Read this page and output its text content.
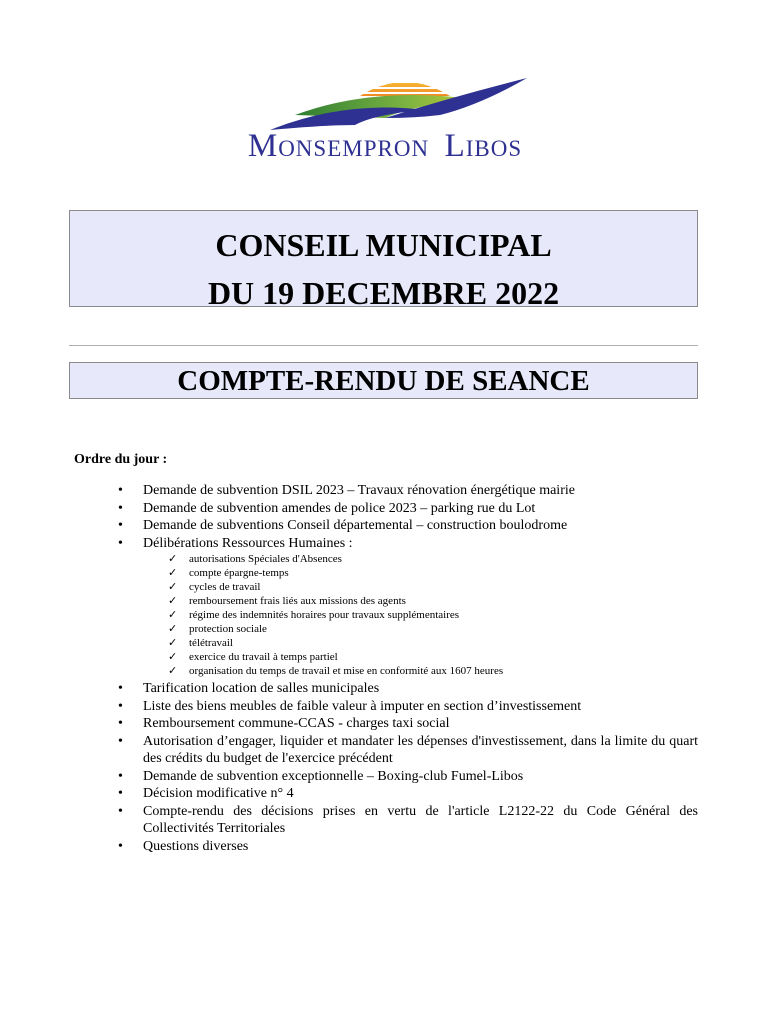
Monsempron Libos
CONSEIL MUNICIPAL
DU 19 DECEMBRE 2022
COMPTE-RENDU DE SEANCE
Ordre du jour :
• Demande de subvention DSIL 2023 – Travaux rénovation énergétique mairie
• Demande de subvention amendes de police 2023 – parking rue du Lot
• Demande de subventions Conseil départemental – construction boulodrome
• Délibérations Ressources Humaines :
✓ autorisations Spéciales d'Absences
✓ compte épargne-temps
✓ cycles de travail
✓ remboursement frais liés aux missions des agents
✓ régime des indemnités horaires pour travaux supplémentaires
✓ protection sociale
✓ télétravail
✓ exercice du travail à temps partiel
✓ organisation du temps de travail et mise en conformité aux 1607 heures
• Tarification location de salles municipales
• Liste des biens meubles de faible valeur à imputer en section d’investissement
• Remboursement commune-CCAS - charges taxi social
• Autorisation d’engager, liquider et mandater les dépenses d'investissement, dans la limite du quart des crédits du budget de l'exercice précédent
• Demande de subvention exceptionnelle – Boxing-club Fumel-Libos
• Décision modificative n° 4
• Compte-rendu des décisions prises en vertu de l'article L2122-22 du Code Général des Collectivités Territoriales
• Questions diverses
